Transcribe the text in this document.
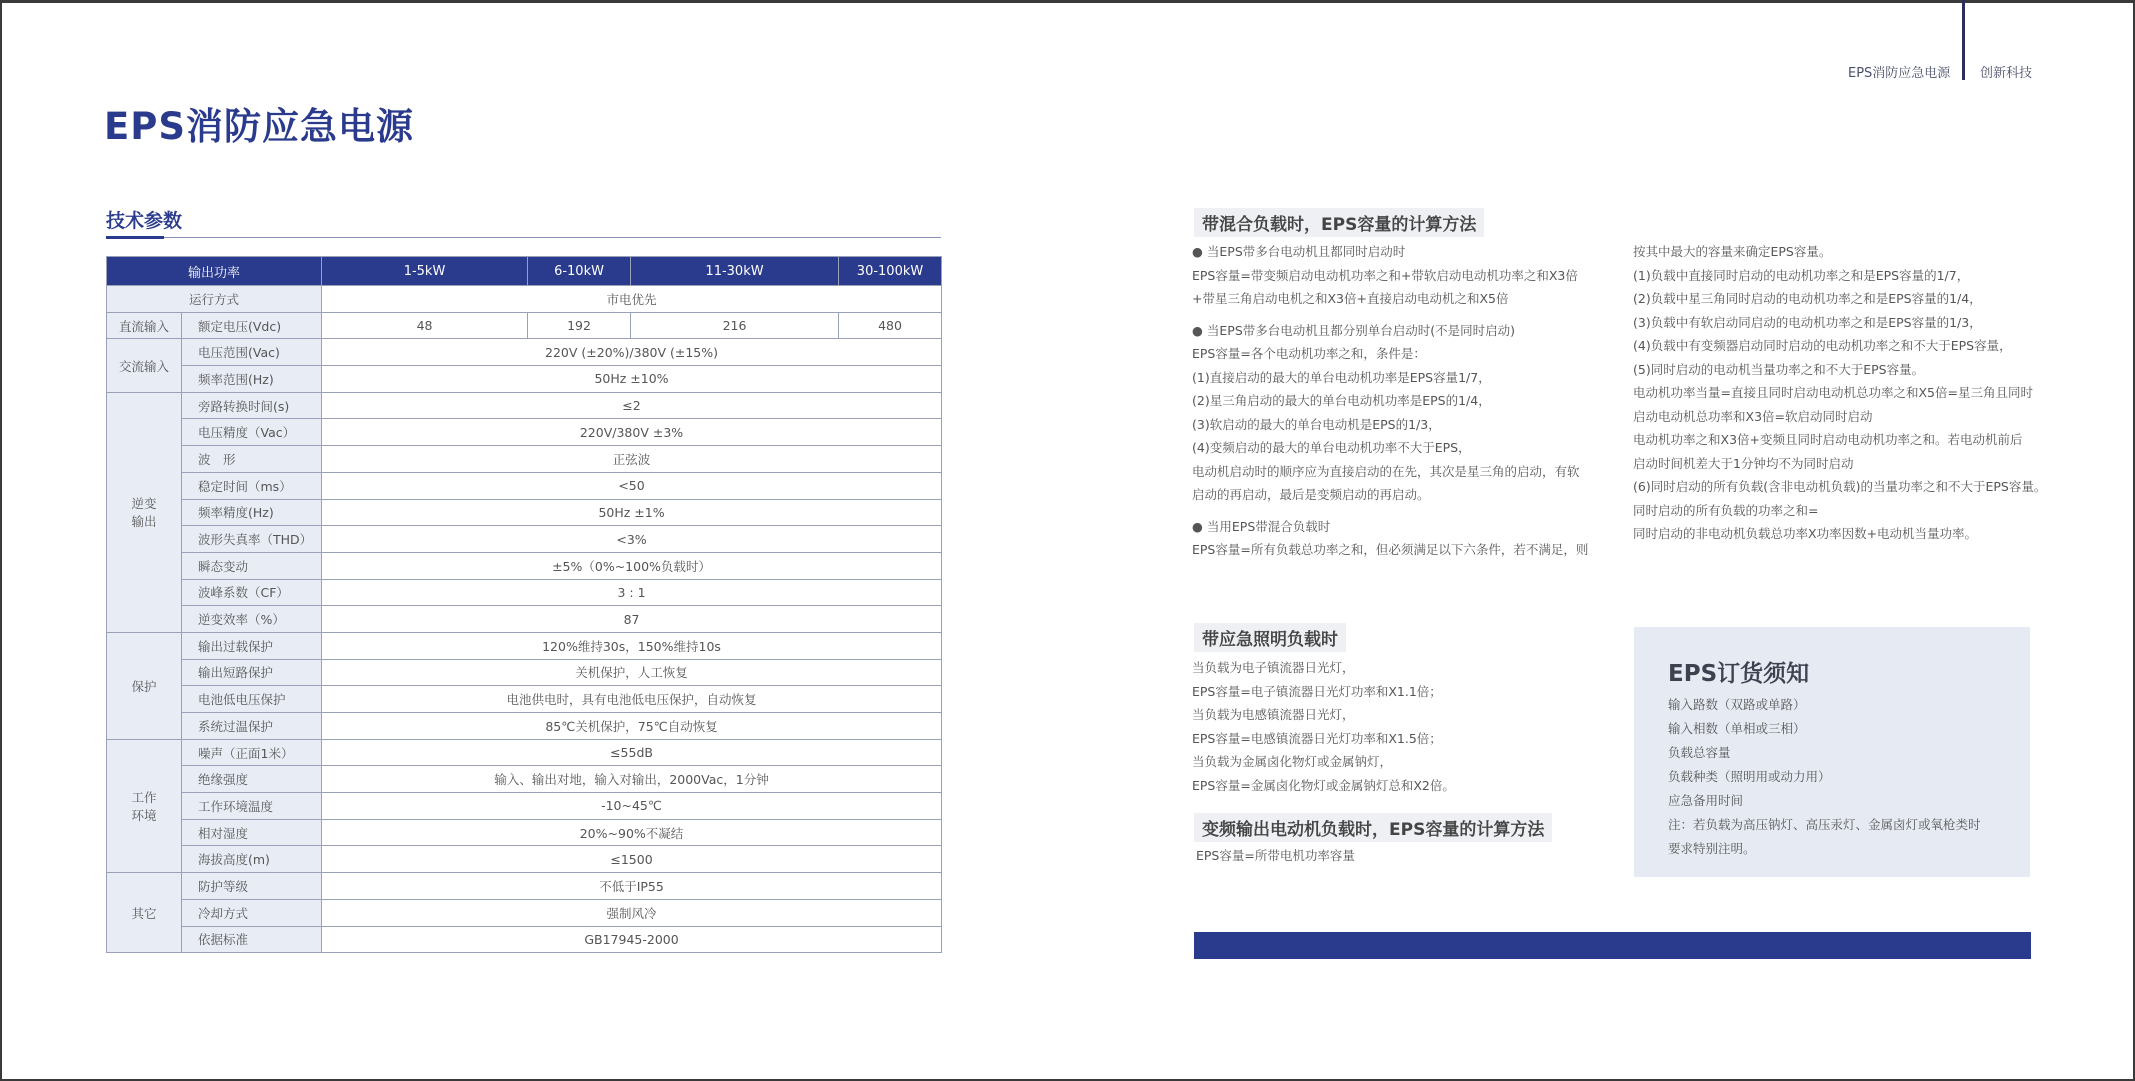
EPS消防应急电源
EPS消防应急电源 创新科技
技术参数
输出功率		1-5kW	6-10kW	11-30kW	30-100kW
运行方式		市电优先			
直流输入	额定电压(Vdc)	48	192	216	480
交流输入	电压范围(Vac)	220V (±20%)/380V (±15%)			
	频率范围(Hz)	50Hz ±10%			

逆变
输出	旁路转换时间(s)	≤2			
	电压精度（Vac）	220V/380V ±3%			
	波　形	正弦波			
	稳定时间（ms）	<50			
	频率精度(Hz)	50Hz ±1%			
	波形失真率（THD）	<3%			
	瞬态变动	±5%（0%~100%负载时）			
	波峰系数（CF）	3 : 1			
	逆变效率（%）	87			
保护	输出过载保护	120%维持30s，150%维持10s			
	输出短路保护	关机保护，人工恢复			
	电池低电压保护	电池供电时，具有电池低电压保护，自动恢复			
	系统过温保护	85℃关机保护，75℃自动恢复			

工作
环境	噪声（正面1米）	≤55dB			
	绝缘强度	输入、输出对地，输入对输出，2000Vac，1分钟			
	工作环境温度	-10~45℃			
	相对湿度	20%~90%不凝结			
	海拔高度(m)	≤1500			
其它	防护等级	不低于IP55			
	冷却方式	强制风冷			
	依据标准	GB17945-2000			
带混合负载时，EPS容量的计算方法
● 当EPS带多台电动机且都同时启动时
EPS容量=带变频启动电动机功率之和+带软启动电动机功率之和X3倍
+带星三角启动电机之和X3倍+直接启动电动机之和X5倍
● 当EPS带多台电动机且都分别单台启动时(不是同时启动)
EPS容量=各个电动机功率之和，条件是：
(1)直接启动的最大的单台电动机功率是EPS容量1/7，
(2)星三角启动的最大的单台电动机功率是EPS的1/4，
(3)软启动的最大的单台电动机是EPS的1/3，
(4)变频启动的最大的单台电动机功率不大于EPS，
电动机启动时的顺序应为直接启动的在先，其次是星三角的启动，有软
启动的再启动，最后是变频启动的再启动。
● 当用EPS带混合负载时
EPS容量=所有负载总功率之和，但必须满足以下六条件，若不满足，则
按其中最大的容量来确定EPS容量。
(1)负载中直接同时启动的电动机功率之和是EPS容量的1/7，
(2)负载中星三角同时启动的电动机功率之和是EPS容量的1/4，
(3)负载中有软启动同启动的电动机功率之和是EPS容量的1/3，
(4)负载中有变频器启动同时启动的电动机功率之和不大于EPS容量，
(5)同时启动的电动机当量功率之和不大于EPS容量。
电动机功率当量=直接且同时启动电动机总功率之和X5倍=星三角且同时
启动电动机总功率和X3倍=软启动同时启动
电动机功率之和X3倍+变频且同时启动电动机功率之和。若电动机前后
启动时间机差大于1分钟均不为同时启动
(6)同时启动的所有负载(含非电动机负载)的当量功率之和不大于EPS容量。
同时启动的所有负载的功率之和=
同时启动的非电动机负载总功率X功率因数+电动机当量功率。
带应急照明负载时
当负载为电子镇流器日光灯，
EPS容量=电子镇流器日光灯功率和X1.1倍；
当负载为电感镇流器日光灯，
EPS容量=电感镇流器日光灯功率和X1.5倍；
当负载为金属卤化物灯或金属钠灯，
EPS容量=金属卤化物灯或金属钠灯总和X2倍。
变频输出电动机负载时，EPS容量的计算方法
EPS容量=所带电机功率容量
EPS订货须知
输入路数（双路或单路）
输入相数（单相或三相）
负载总容量
负载种类（照明用或动力用）
应急备用时间
注：若负载为高压钠灯、高压汞灯、金属卤灯或氧枪类时
要求特别注明。
